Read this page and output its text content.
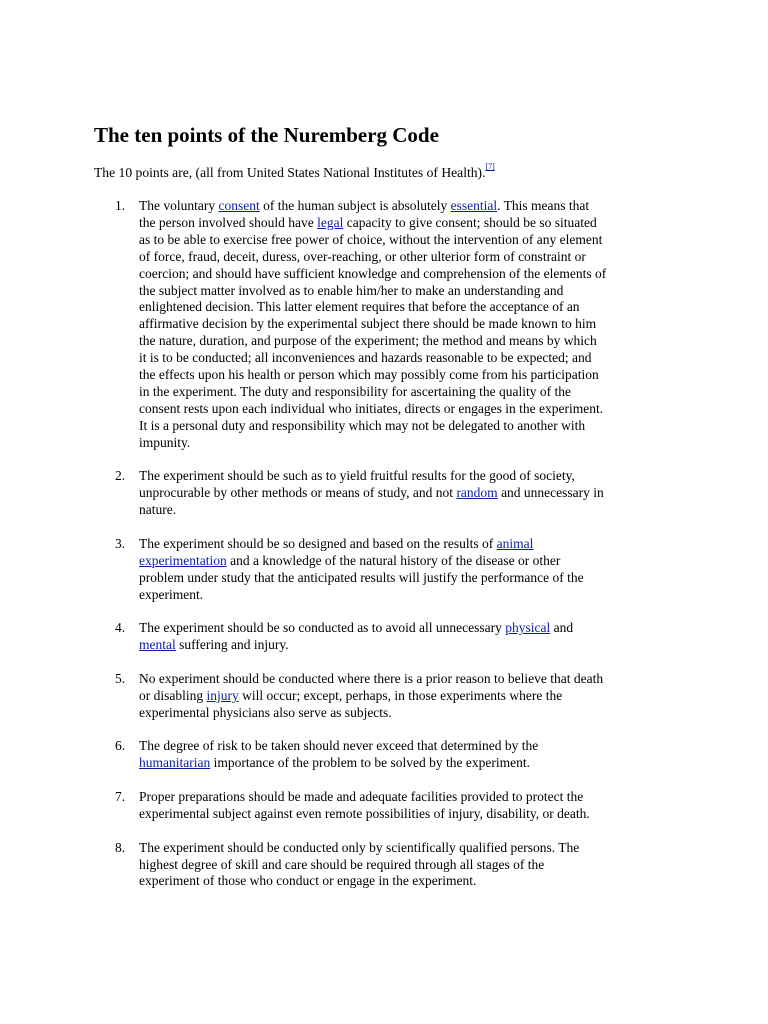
The ten points of the Nuremberg Code

The 10 points are, (all from United States National Institutes of Health).[7]

1. The voluntary consent of the human subject is absolutely essential. This means that
the person involved should have legal capacity to give consent; should be so situated
as to be able to exercise free power of choice, without the intervention of any element
of force, fraud, deceit, duress, over-reaching, or other ulterior form of constraint or
coercion; and should have sufficient knowledge and comprehension of the elements of
the subject matter involved as to enable him/her to make an understanding and
enlightened decision. This latter element requires that before the acceptance of an
affirmative decision by the experimental subject there should be made known to him
the nature, duration, and purpose of the experiment; the method and means by which
it is to be conducted; all inconveniences and hazards reasonable to be expected; and
the effects upon his health or person which may possibly come from his participation
in the experiment. The duty and responsibility for ascertaining the quality of the
consent rests upon each individual who initiates, directs or engages in the experiment.
It is a personal duty and responsibility which may not be delegated to another with
impunity.
2. The experiment should be such as to yield fruitful results for the good of society,
unprocurable by other methods or means of study, and not random and unnecessary in
nature.
3. The experiment should be so designed and based on the results of animal
experimentation and a knowledge of the natural history of the disease or other
problem under study that the anticipated results will justify the performance of the
experiment.
4. The experiment should be so conducted as to avoid all unnecessary physical and
mental suffering and injury.
5. No experiment should be conducted where there is a prior reason to believe that death
or disabling injury will occur; except, perhaps, in those experiments where the
experimental physicians also serve as subjects.
6. The degree of risk to be taken should never exceed that determined by the
humanitarian importance of the problem to be solved by the experiment.
7. Proper preparations should be made and adequate facilities provided to protect the
experimental subject against even remote possibilities of injury, disability, or death.
8. The experiment should be conducted only by scientifically qualified persons. The
highest degree of skill and care should be required through all stages of the
experiment of those who conduct or engage in the experiment.
